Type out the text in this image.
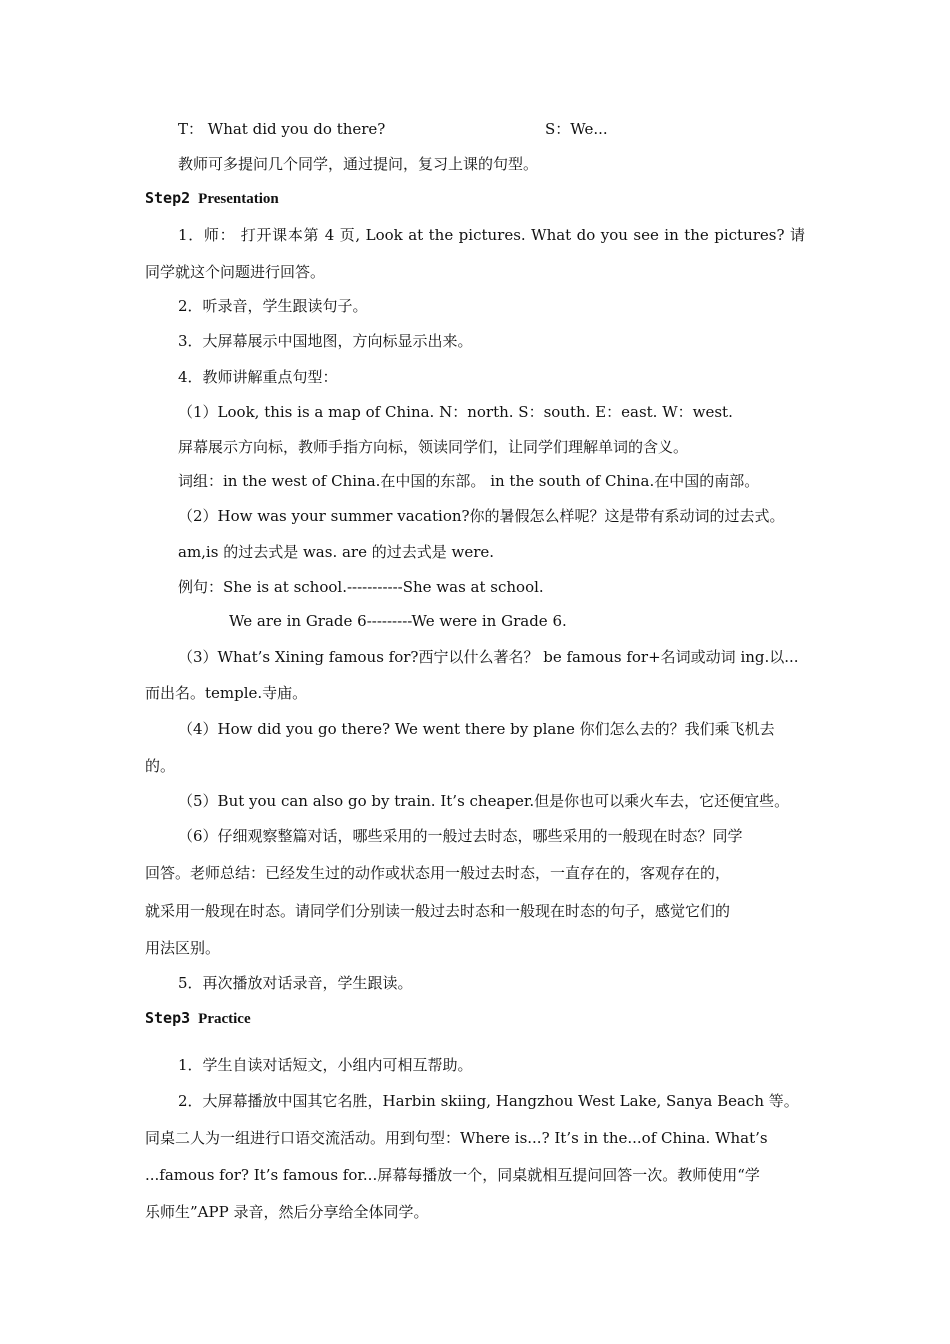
T： What did you do there?	S：We...
教师可多提问几个同学，通过提问，复习上课的句型。
Step2 Presentation
1．师： 打开课本第 4 页, Look at the pictures. What do you see in the pictures? 请
同学就这个问题进行回答。
2．听录音，学生跟读句子。
3．大屏幕展示中国地图，方向标显示出来。
4．教师讲解重点句型：
（1）Look, this is a map of China. N：north. S：south. E：east. W：west.
屏幕展示方向标，教师手指方向标，领读同学们，让同学们理解单词的含义。
词组：in the west of China.在中国的东部。 in the south of China.在中国的南部。
（2）How was your summer vacation?你的暑假怎么样呢？这是带有系动词的过去式。
am,is 的过去式是 was. are 的过去式是 were.
例句：She is at school.-----------She was at school.
We are in Grade 6---------We were in Grade 6.
（3）What’s Xining famous for?西宁以什么著名？ be famous for+名词或动词 ing.以...
而出名。temple.寺庙。
（4）How did you go there? We went there by plane 你们怎么去的？我们乘飞机去
的。
（5）But you can also go by train. It’s cheaper.但是你也可以乘火车去，它还便宜些。
（6）仔细观察整篇对话，哪些采用的一般过去时态，哪些采用的一般现在时态？同学
回答。老师总结：已经发生过的动作或状态用一般过去时态，一直存在的，客观存在的，
就采用一般现在时态。请同学们分别读一般过去时态和一般现在时态的句子，感觉它们的
用法区别。
5．再次播放对话录音，学生跟读。
Step3 Practice
1．学生自读对话短文，小组内可相互帮助。
2．大屏幕播放中国其它名胜，Harbin skiing, Hangzhou West Lake, Sanya Beach 等。
同桌二人为一组进行口语交流活动。用到句型：Where is...? It’s in the...of China. What’s
...famous for? It’s famous for...屏幕每播放一个，同桌就相互提问回答一次。教师使用“学
乐师生”APP 录音，然后分享给全体同学。
